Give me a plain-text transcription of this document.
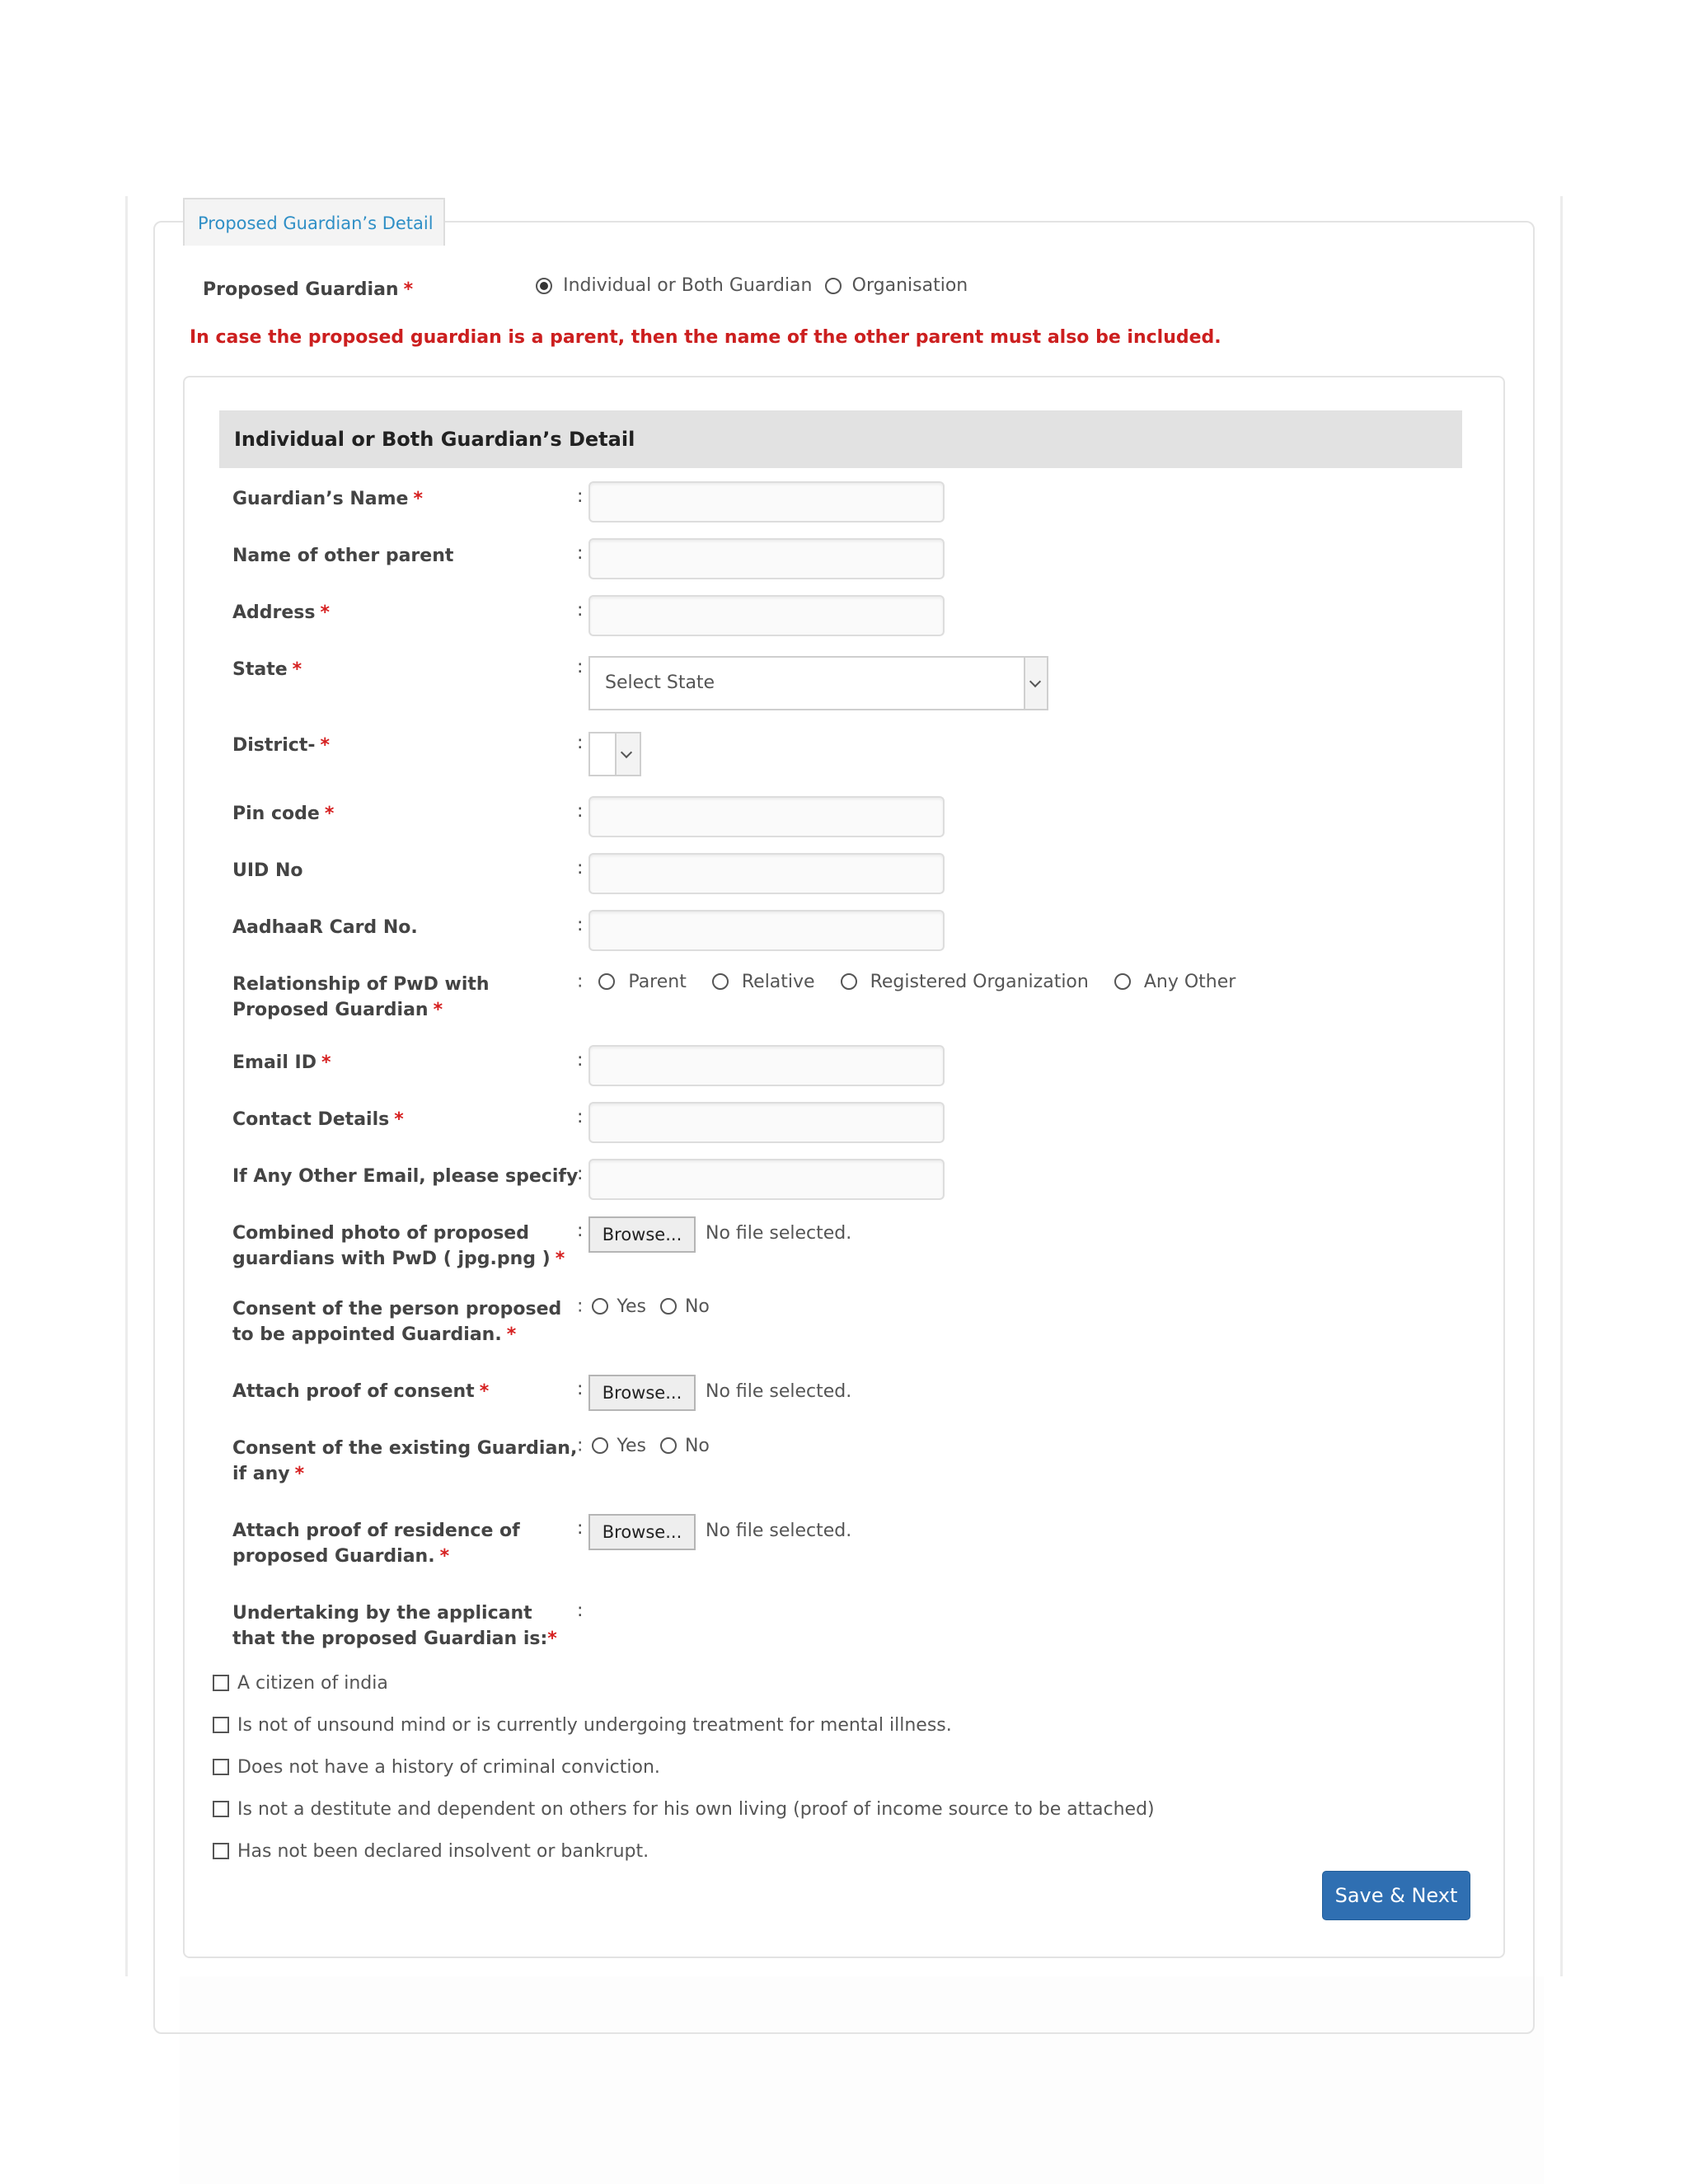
Proposed Guardian’s Detail
Proposed Guardian *	Individual or Both Guardian Organisation
In case the proposed guardian is a parent, then the name of the other parent must also be included.
Individual or Both Guardian’s Detail
Guardian’s Name *	:
Name of other parent	:
Address *	:
State *	:
Select State
District- *	:
Pin code *	:
UID No	:
AadhaaR Card No.	:
Relationship of PwD with
Proposed Guardian *
:	Parent	Relative	Registered Organization	Any Other
Email ID *	:
Contact Details *	:
If Any Other Email, please specify
:
Combined photo of proposed
guardians with PwD ( jpg.png ) *
:	Browse...	No file selected.
Consent of the person proposed
to be appointed Guardian. *
: Yes No
Attach proof of consent *	:	Browse...	No file selected.
Consent of the existing Guardian,
if any *
: Yes No
Attach proof of residence of
proposed Guardian. *
:	Browse...	No file selected.
Undertaking by the applicant
that the proposed Guardian is:*
:
A citizen of india
Is not of unsound mind or is currently undergoing treatment for mental illness.
Does not have a history of criminal conviction.
Is not a destitute and dependent on others for his own living (proof of income source to be attached)
Has not been declared insolvent or bankrupt.
Save & Next
